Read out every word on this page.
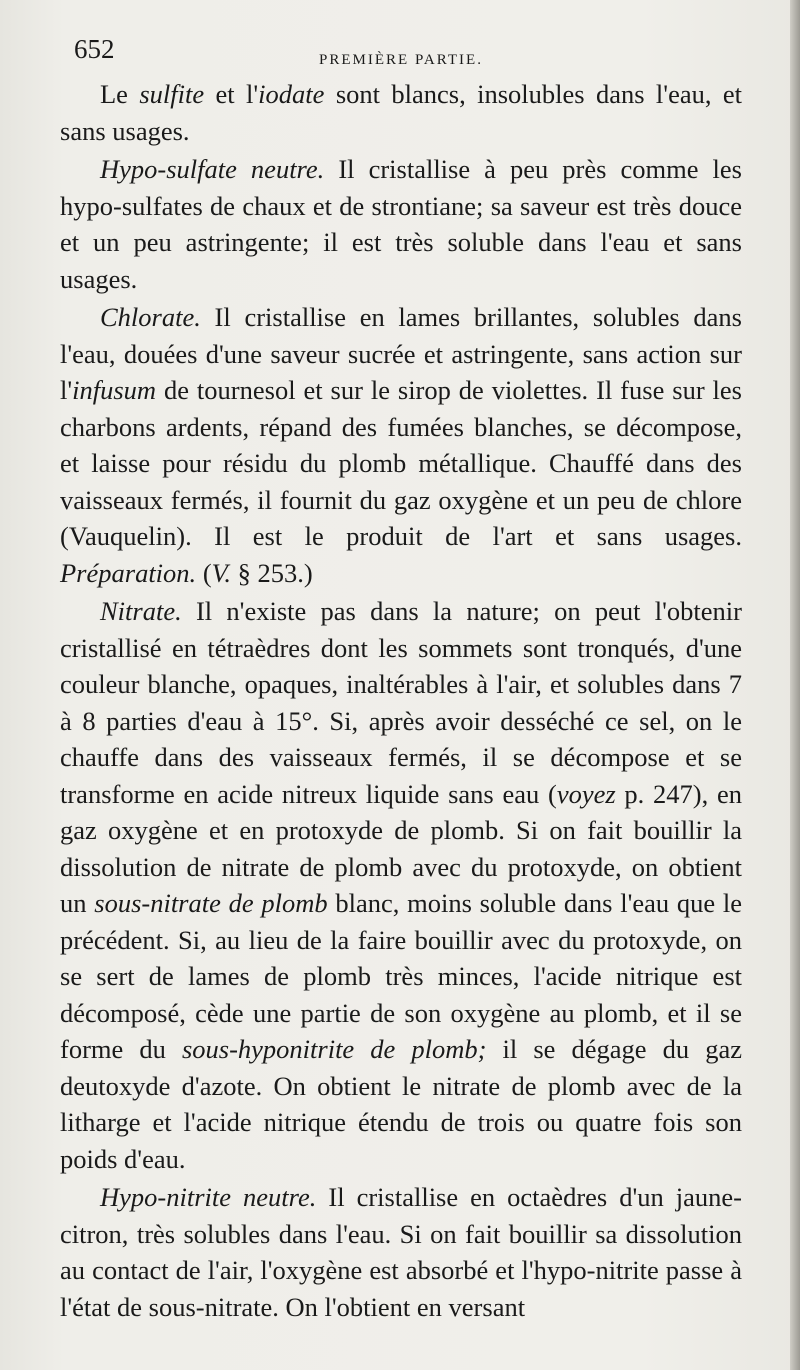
652	PREMIÈRE PARTIE.

Le sulfite et l'iodate sont blancs, insolubles dans l'eau, et sans usages.

Hypo-sulfate neutre. Il cristallise à peu près comme les hypo-sulfates de chaux et de strontiane; sa saveur est très douce et un peu astringente; il est très soluble dans l'eau et sans usages.

Chlorate. Il cristallise en lames brillantes, solubles dans l'eau, douées d'une saveur sucrée et astringente, sans action sur l'infusum de tournesol et sur le sirop de violettes. Il fuse sur les charbons ardents, répand des fumées blanches, se décompose, et laisse pour résidu du plomb métallique. Chauffé dans des vaisseaux fermés, il fournit du gaz oxygène et un peu de chlore (Vauquelin). Il est le produit de l'art et sans usages. Préparation. (V. § 253.)

Nitrate. Il n'existe pas dans la nature; on peut l'obtenir cristallisé en tétraèdres dont les sommets sont tronqués, d'une couleur blanche, opaques, inaltérables à l'air, et solubles dans 7 à 8 parties d'eau à 15°. Si, après avoir desséché ce sel, on le chauffe dans des vaisseaux fermés, il se décompose et se transforme en acide nitreux liquide sans eau (voyez p. 247), en gaz oxygène et en protoxyde de plomb. Si on fait bouillir la dissolution de nitrate de plomb avec du protoxyde, on obtient un sous-nitrate de plomb blanc, moins soluble dans l'eau que le précédent. Si, au lieu de la faire bouillir avec du protoxyde, on se sert de lames de plomb très minces, l'acide nitrique est décomposé, cède une partie de son oxygène au plomb, et il se forme du sous-hyponitrite de plomb; il se dégage du gaz deutoxyde d'azote. On obtient le nitrate de plomb avec de la litharge et l'acide nitrique étendu de trois ou quatre fois son poids d'eau.

Hypo-nitrite neutre. Il cristallise en octaèdres d'un jaune-citron, très solubles dans l'eau. Si on fait bouillir sa dissolution au contact de l'air, l'oxygène est absorbé et l'hypo-nitrite passe à l'état de sous-nitrate. On l'obtient en versant
